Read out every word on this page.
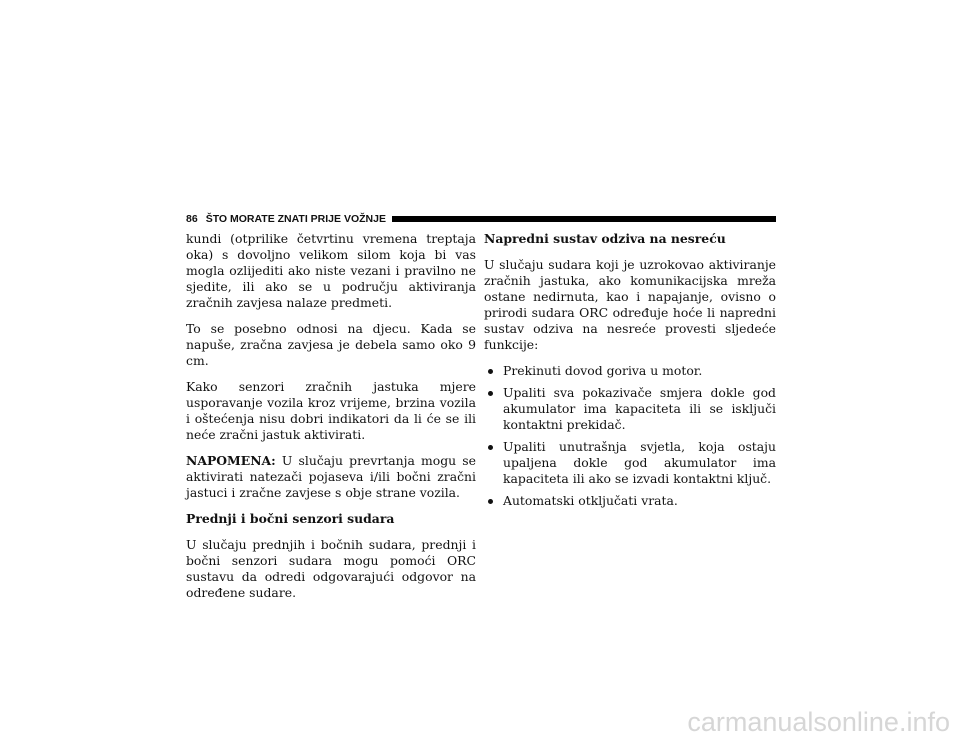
86 ŠTO MORATE ZNATI PRIJE VOŽNJE

kundi (otprilike četvrtinu vremena treptaja oka) s dovoljno velikom silom koja bi vas mogla ozlijediti ako niste vezani i pravilno ne sjedite, ili ako se u području aktiviranja zračnih zavjesa nalaze predmeti.

To se posebno odnosi na djecu. Kada se napuše, zračna zavjesa je debela samo oko 9 cm.

Kako senzori zračnih jastuka mjere usporavanje vozila kroz vrijeme, brzina vozila i oštećenja nisu dobri indikatori da li će se ili neće zračni jastuk aktivirati.

NAPOMENA: U slučaju prevrtanja mogu se aktivirati natezači pojaseva i/ili bočni zračni jastuci i zračne zavjese s obje strane vozila.

Prednji i bočni senzori sudara

U slučaju prednjih i bočnih sudara, prednji i bočni senzori sudara mogu pomoći ORC sustavu da odredi odgovarajući odgovor na određene sudare.

Napredni sustav odziva na nesreću

U slučaju sudara koji je uzrokovao aktiviranje zračnih jastuka, ako komunikacijska mreža ostane nedirnuta, kao i napajanje, ovisno o prirodi sudara ORC određuje hoće li napredni sustav odziva na nesreće provesti sljedeće funkcije:

Prekinuti dovod goriva u motor.
Upaliti sva pokazivače smjera dokle god akumulator ima kapaciteta ili se isključi kontaktni prekidač.
Upaliti unutrašnja svjetla, koja ostaju upaljena dokle god akumulator ima kapaciteta ili ako se izvadi kontaktni ključ.
Automatski otključati vrata.
carmanualsonline.info
